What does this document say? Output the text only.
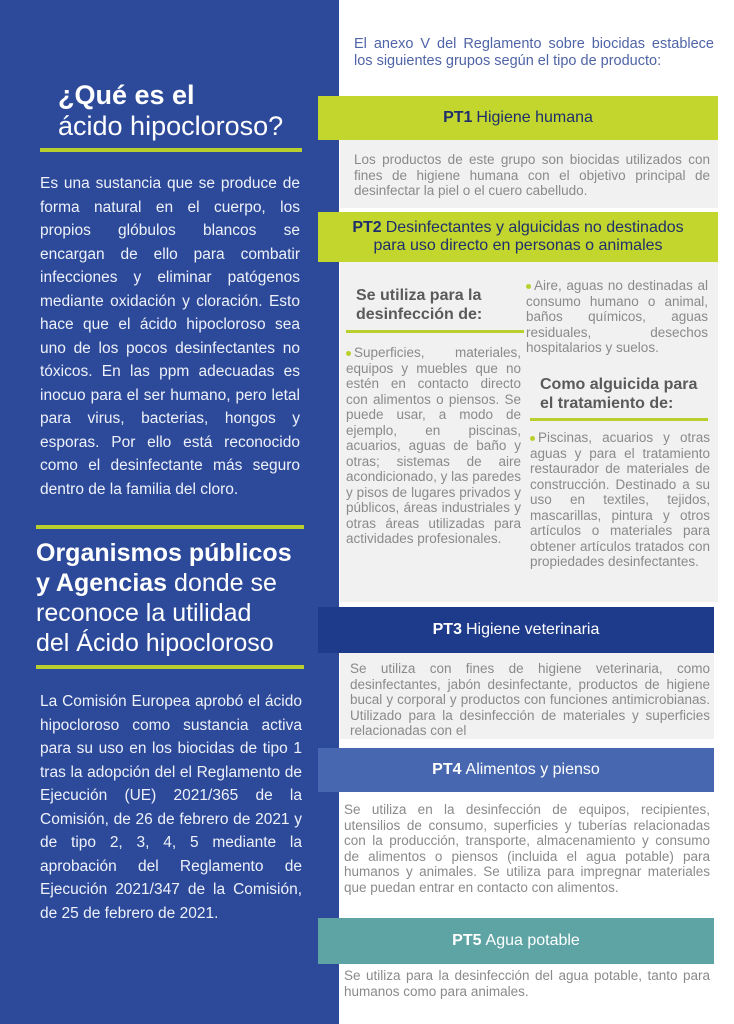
¿Qué es el
ácido hipocloroso?

Es una sustancia que se produce de forma natural en el cuerpo, los propios glóbulos blancos se encargan de ello para combatir infecciones y eliminar patógenos mediante oxidación y cloración. Esto hace que el ácido hipocloroso sea uno de los pocos desinfectantes no tóxicos. En las ppm adecuadas es inocuo para el ser humano, pero letal para virus, bacterias, hongos y esporas. Por ello está reconocido como el desinfectante más seguro dentro de la familia del cloro.

Organismos públicos
y Agencias donde se
reconoce la utilidad
del Ácido hipocloroso

La Comisión Europea aprobó el ácido hipocloroso como sustancia activa para su uso en los biocidas de tipo 1 tras la adopción del el Reglamento de Ejecución (UE) 2021/365 de la Comisión, de 26 de febrero de 2021 y de tipo 2, 3, 4, 5 mediante la aprobación del Reglamento de Ejecución 2021/347 de la Comisión, de 25 de febrero de 2021.

El anexo V del Reglamento sobre biocidas establece los siguientes grupos según el tipo de producto:

PT1 Higiene humana

Los productos de este grupo son biocidas utilizados con fines de higiene humana con el objetivo principal de desinfectar la piel o el cuero cabelludo.

PT2 Desinfectantes y alguicidas no destinados
para uso directo en personas o animales
Se utiliza para la desinfección de:

Superficies, materiales, equipos y muebles que no estén en contacto directo con alimentos o piensos. Se puede usar, a modo de ejemplo, en piscinas, acuarios, aguas de baño y otras; sistemas de aire acondicionado, y las paredes y pisos de lugares privados y públicos, áreas industriales y otras áreas utilizadas para actividades profesionales.

Aire, aguas no destinadas al consumo humano o animal, baños químicos, aguas residuales, desechos hospitalarios y suelos.

Como alguicida para el tratamiento de:

Piscinas, acuarios y otras aguas y para el tratamiento restaurador de materiales de construcción. Destinado a su uso en textiles, tejidos, mascarillas, pintura y otros artículos o materiales para obtener artículos tratados con propiedades desinfectantes.

PT3 Higiene veterinaria

Se utiliza con fines de higiene veterinaria, como desinfectantes, jabón desinfectante, productos de higiene bucal y corporal y productos con funciones antimicrobianas. Utilizado para la desinfección de materiales y superficies relacionadas con el

PT4 Alimentos y pienso

Se utiliza en la desinfección de equipos, recipientes, utensilios de consumo, superficies y tuberías relacionadas con la producción, transporte, almacenamiento y consumo de alimentos o piensos (incluida el agua potable) para humanos y animales. Se utiliza para impregnar materiales que puedan entrar en contacto con alimentos.

PT5 Agua potable

Se utiliza para la desinfección del agua potable, tanto para humanos como para animales.
